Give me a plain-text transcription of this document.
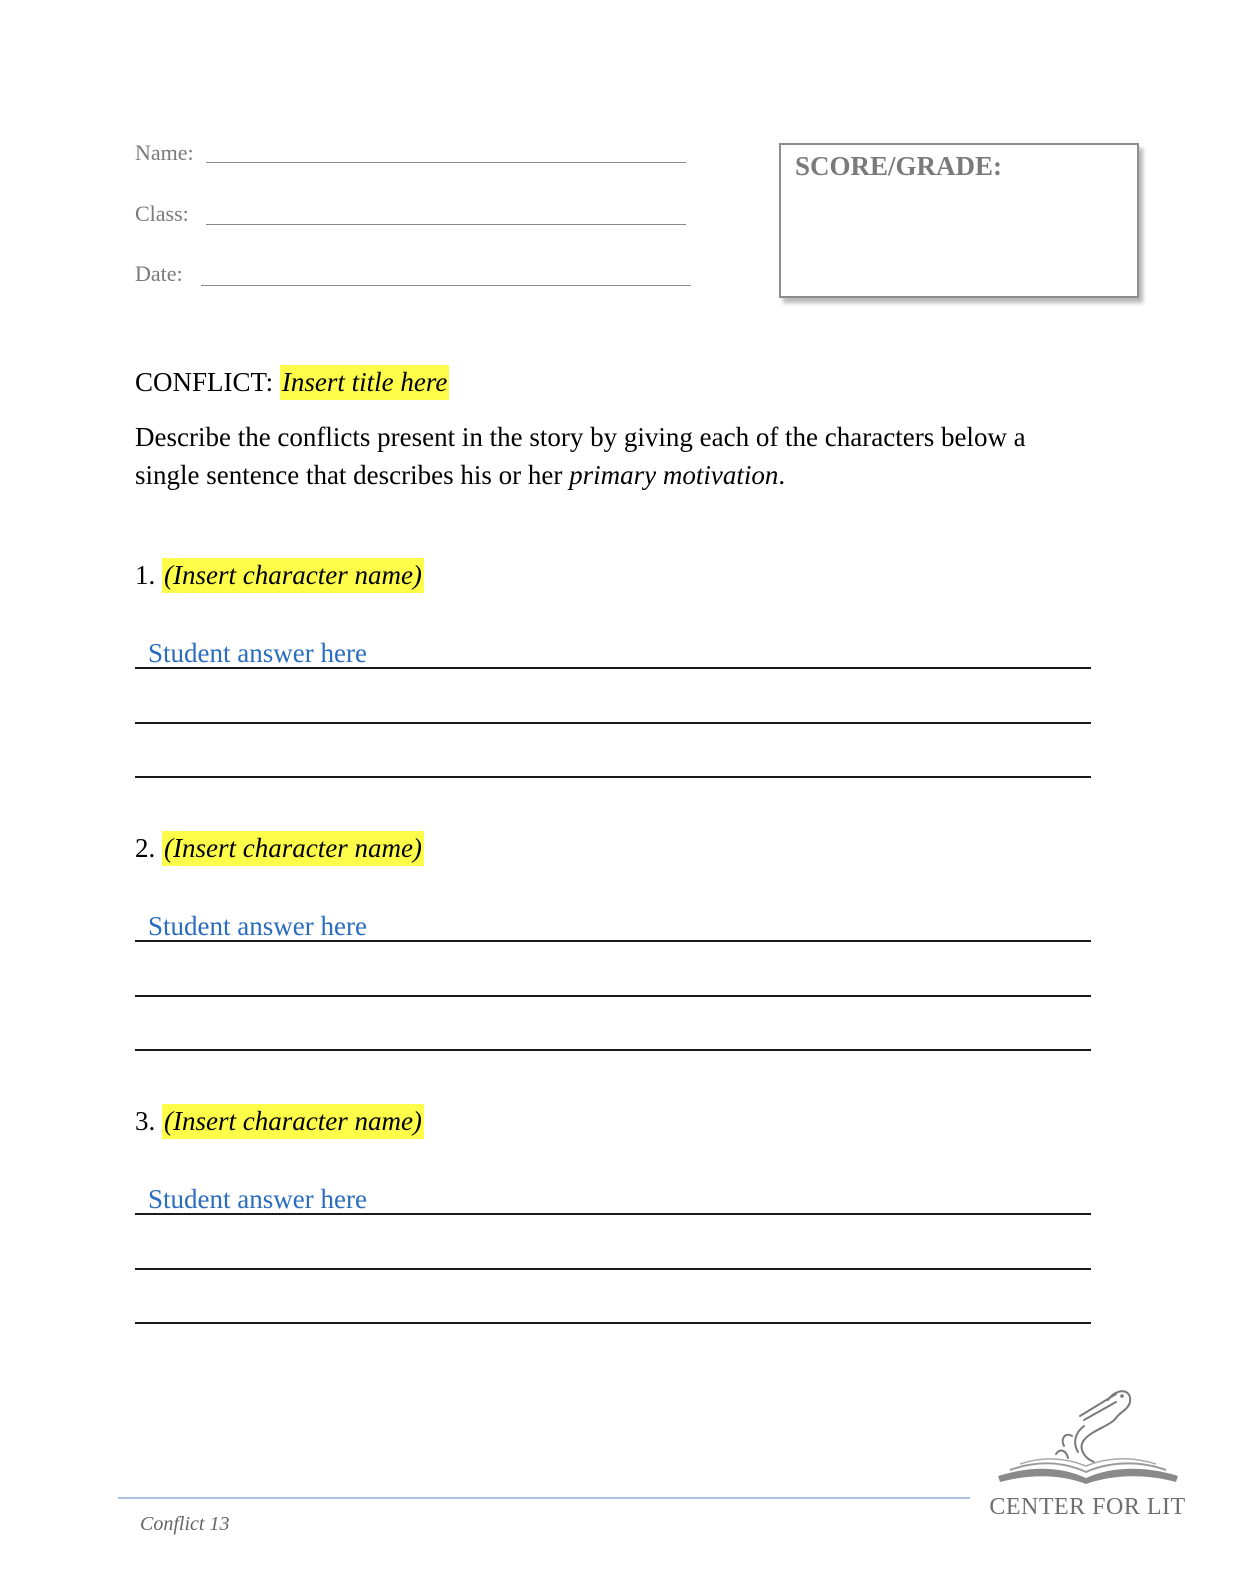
Name:
Class:
Date:
SCORE/GRADE:
CONFLICT: Insert title here
Describe the conflicts present in the story by giving each of the characters below a single sentence that describes his or her primary motivation.
1. (Insert character name)
Student answer here
2. (Insert character name)
Student answer here
3. (Insert character name)
Student answer here
Conflict 13
CENTER FOR LIT
